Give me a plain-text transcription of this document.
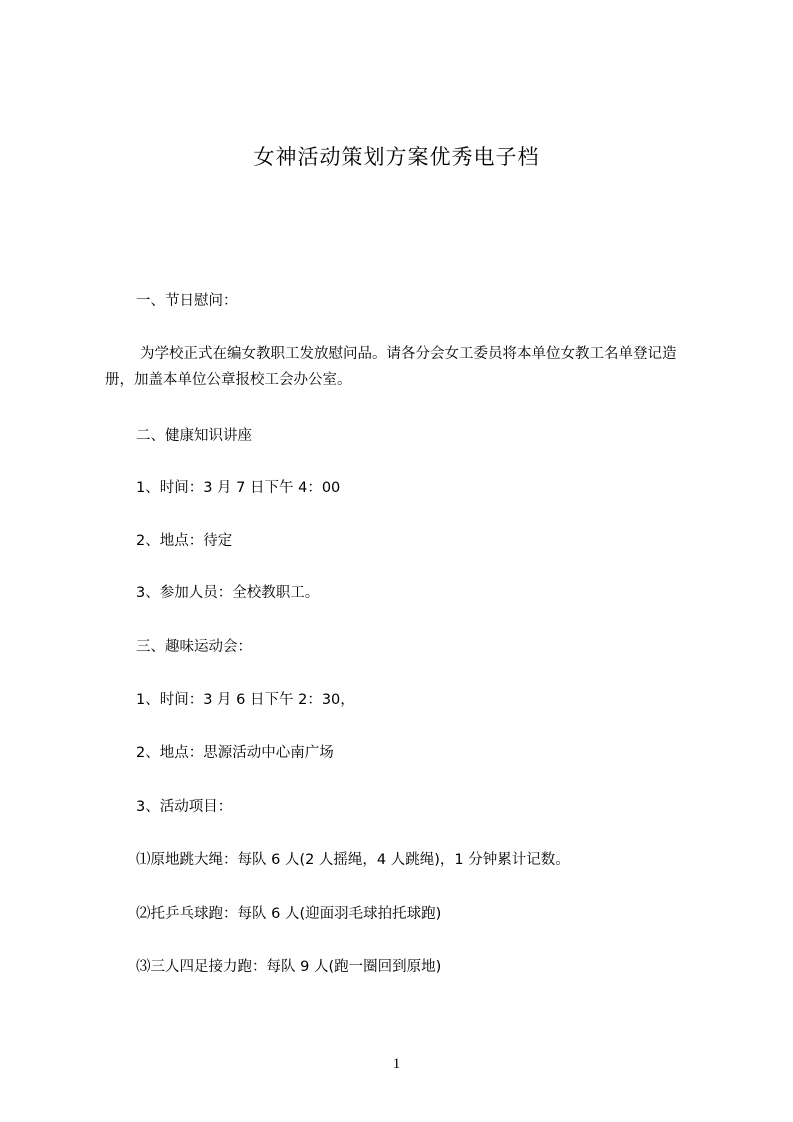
女神活动策划方案优秀电子档
一、节日慰问：
为学校正式在编女教职工发放慰问品。请各分会女工委员将本单位女教工名单登记造册，加盖本单位公章报校工会办公室。
二、健康知识讲座
1、时间：3 月 7 日下午 4：00
2、地点：待定
3、参加人员：全校教职工。
三、趣味运动会：
1、时间：3 月 6 日下午 2：30，
2、地点：思源活动中心南广场
3、活动项目：
⑴原地跳大绳：每队 6 人(2 人摇绳，4 人跳绳)，1 分钟累计记数。
⑵托乒乓球跑：每队 6 人(迎面羽毛球拍托球跑)
⑶三人四足接力跑：每队 9 人(跑一圈回到原地)
1
